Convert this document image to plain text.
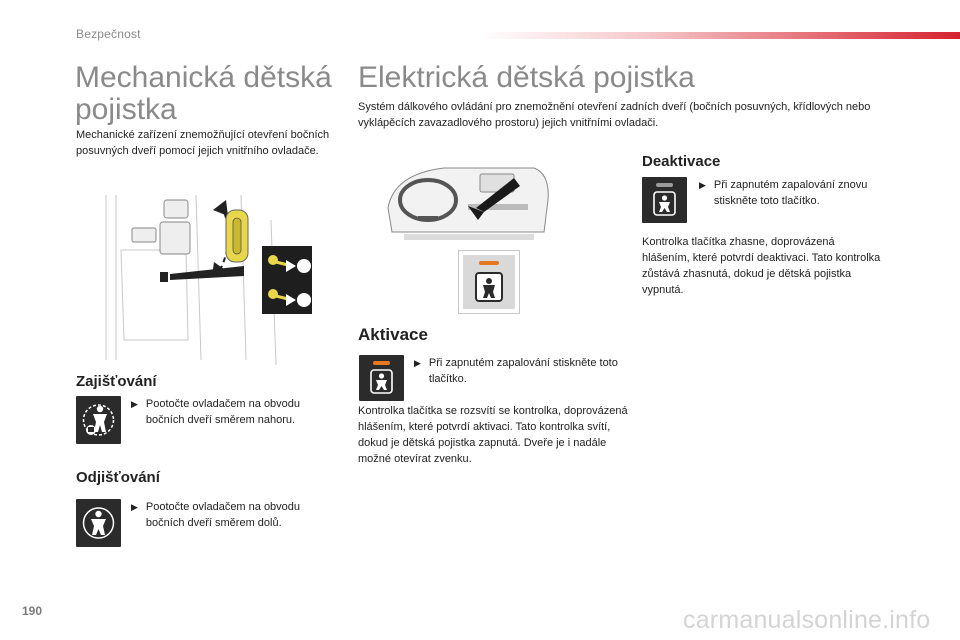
Bezpečnost
Mechanická dětská pojistka
Elektrická dětská pojistka
Mechanické zařízení znemožňující otevření bočních posuvných dveří pomocí jejich vnitřního ovladače.
Zajišťování
▶ Pootočte ovladačem na obvodu bočních dveří směrem nahoru.
Odjišťování
▶ Pootočte ovladačem na obvodu bočních dveří směrem dolů.
Systém dálkového ovládání pro znemožnění otevření zadních dveří (bočních posuvných, křídlových nebo vyklápěcích zavazadlového prostoru) jejich vnitřními ovladači.
Aktivace
▶ Při zapnutém zapalování stiskněte toto tlačítko.
Kontrolka tlačítka se rozsvítí se kontrolka, doprovázená hlášením, které potvrdí aktivaci. Tato kontrolka svítí, dokud je dětská pojistka zapnutá. Dveře je i nadále možné otevírat zvenku.
Deaktivace
▶ Při zapnutém zapalování znovu stiskněte toto tlačítko.
Kontrolka tlačítka zhasne, doprovázená hlášením, které potvrdí deaktivaci. Tato kontrolka zůstává zhasnutá, dokud je dětská pojistka vypnutá.
190	carmanualsonline.info
